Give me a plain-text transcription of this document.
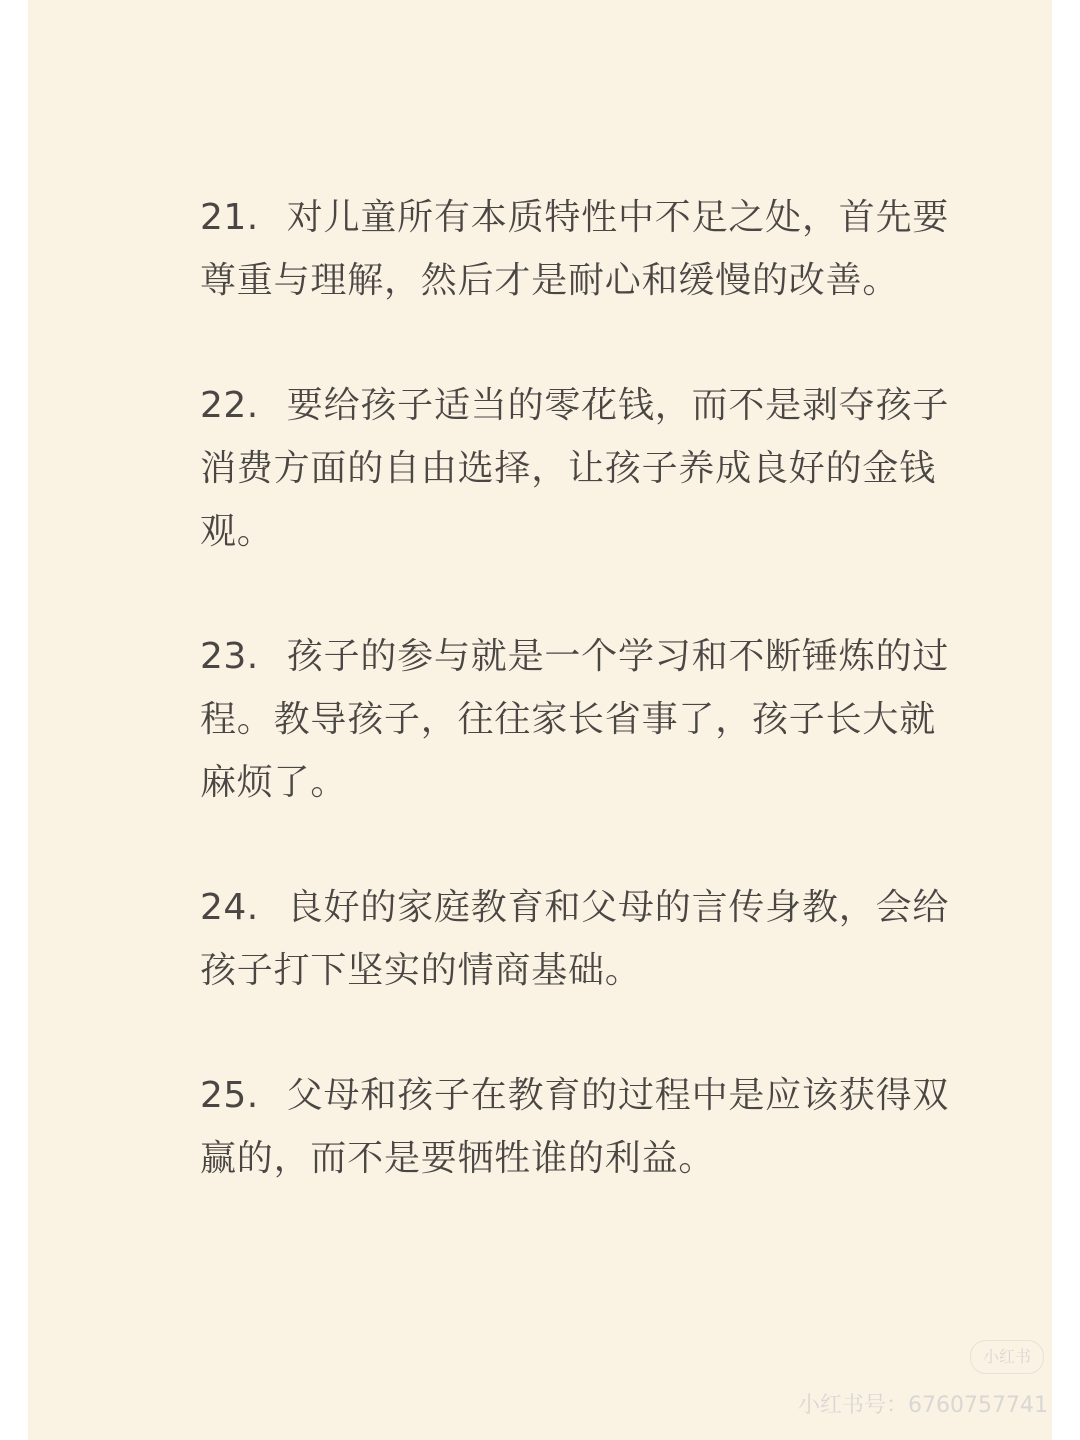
21. 对儿童所有本质特性中不足之处，首先要尊重与理解，然后才是耐心和缓慢的改善。

22. 要给孩子适当的零花钱，而不是剥夺孩子消费方面的自由选择，让孩子养成良好的金钱观。

23. 孩子的参与就是一个学习和不断锤炼的过程。教导孩子，往往家长省事了，孩子长大就麻烦了。

24. 良好的家庭教育和父母的言传身教，会给孩子打下坚实的情商基础。

25. 父母和孩子在教育的过程中是应该获得双赢的，而不是要牺牲谁的利益。

小红书
小红书号：6760757741
